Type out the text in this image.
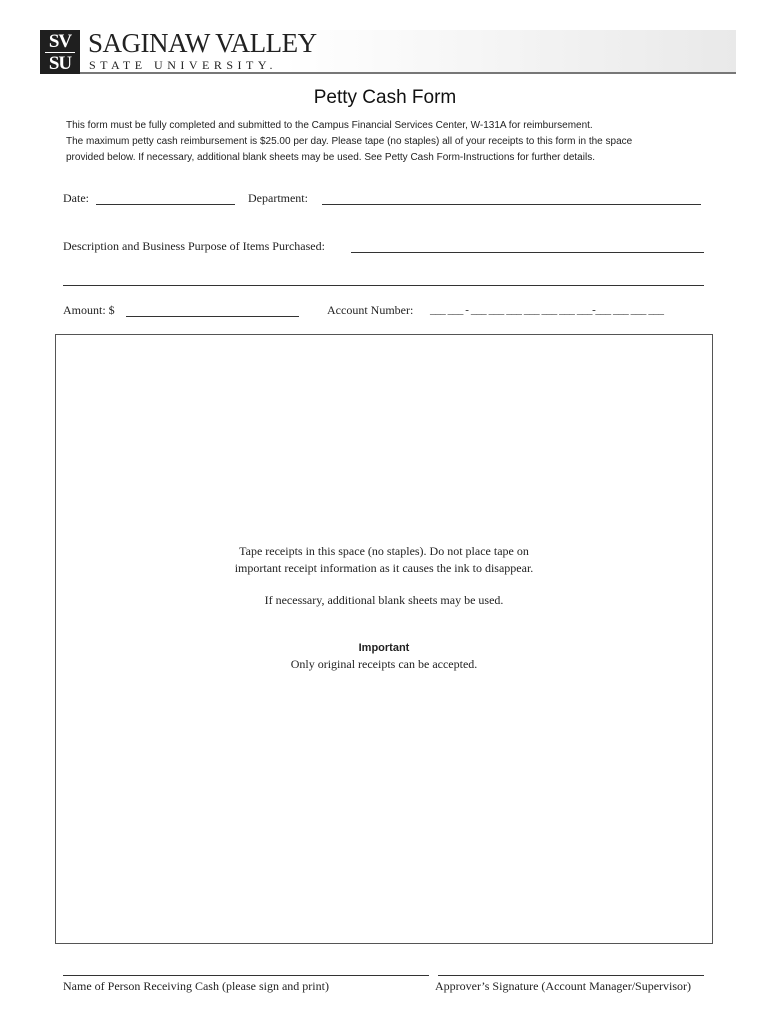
SV
SU
SAGINAW VALLEY
STATE UNIVERSITY.
Petty Cash Form
This form must be fully completed and submitted to the Campus Financial Services Center, W-131A for reimbursement.
The maximum petty cash reimbursement is $25.00 per day. Please tape (no staples) all of your receipts to this form in the space
provided below. If necessary, additional blank sheets may be used. See Petty Cash Form-Instructions for further details.
Date:	Department:
Description and Business Purpose of Items Purchased:
Amount: $	Account Number: ___ ___ - ___ ___ ___ ___ ___ ___ ___-___ ___ ___ ___
Tape receipts in this space (no staples). Do not place tape on
important receipt information as it causes the ink to disappear.
If necessary, additional blank sheets may be used.
Important
Only original receipts can be accepted.
Name of Person Receiving Cash (please sign and print)	Approver’s Signature (Account Manager/Supervisor)
